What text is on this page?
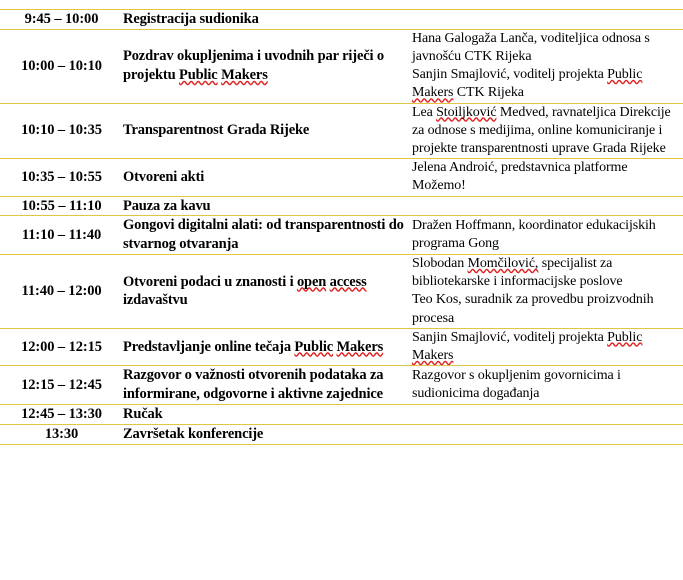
9:45 – 10:00	Registracija sudionika	
10:00 – 10:10	Pozdrav okupljenima i uvodnih par riječi o projektu Public Makers	Hana Galogaža Lanča, voditeljica odnosa s javnošću CTK Rijeka
Sanjin Smajlović, voditelj projekta Public Makers CTK Rijeka

10:10 – 10:35	Transparentnost Grada Rijeke	Lea Stoiljković Medved, ravnateljica Direkcije za odnose s medijima, online komuniciranje i projekte transparentnosti uprave Grada Rijeke

10:35 – 10:55	Otvoreni akti	Jelena Androić, predstavnica platforme Možemo!

10:55 – 11:10	Pauza za kavu	
11:10 – 11:40	Gongovi digitalni alati: od transparentnosti do stvarnog otvaranja	Dražen Hoffmann, koordinator edukacijskih programa Gong

11:40 – 12:00	Otvoreni podaci u znanosti i open access izdavaštvu	Slobodan Momčilović, specijalist za bibliotekarske i informacijske poslove
Teo Kos, suradnik za provedbu proizvodnih procesa

12:00 – 12:15	Predstavljanje online tečaja Public Makers	Sanjin Smajlović, voditelj projekta Public Makers

12:15 – 12:45	Razgovor o važnosti otvorenih podataka za informirane, odgovorne i aktivne zajednice	Razgovor s okupljenim govornicima i sudionicima događanja

12:45 – 13:30	Ručak	
13:30	Završetak konferencije	
